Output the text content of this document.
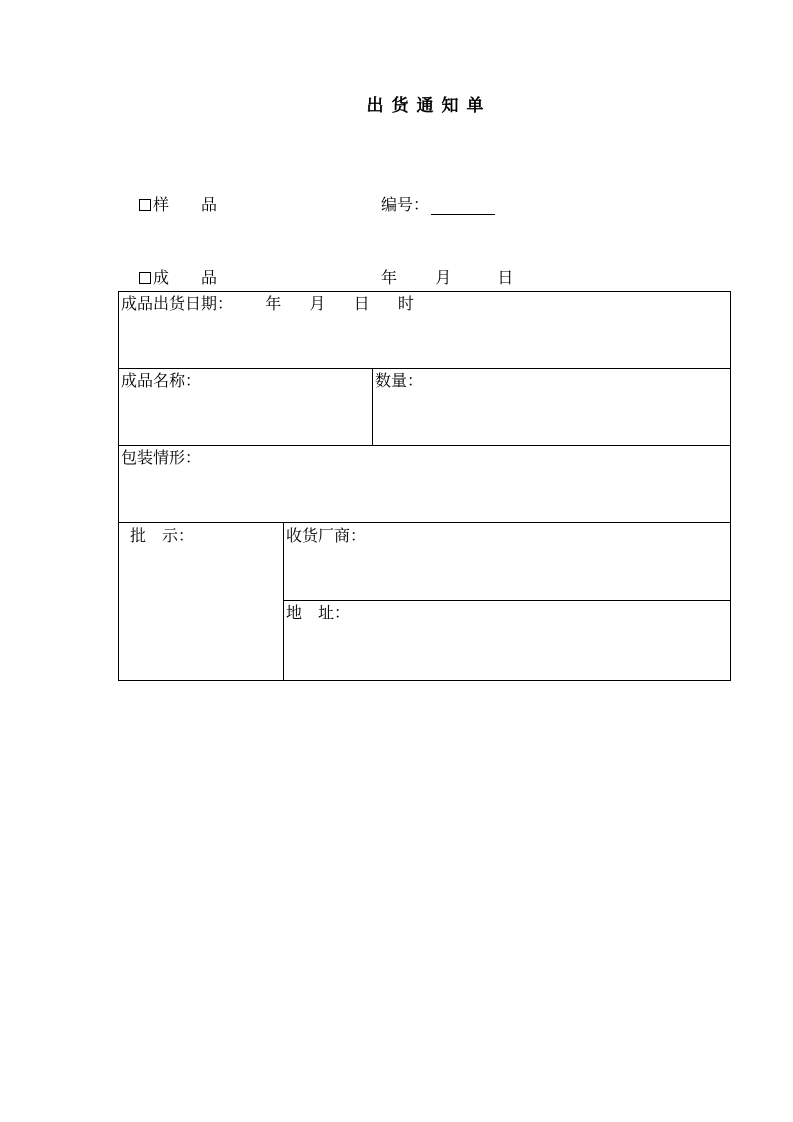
出货通知单
样　　品	编号：
成　　品	年 月	日
成品出货日期： 年 月 日 时
成品名称：	数量：
包装情形：
批　示：	收货厂商：
地　址：
